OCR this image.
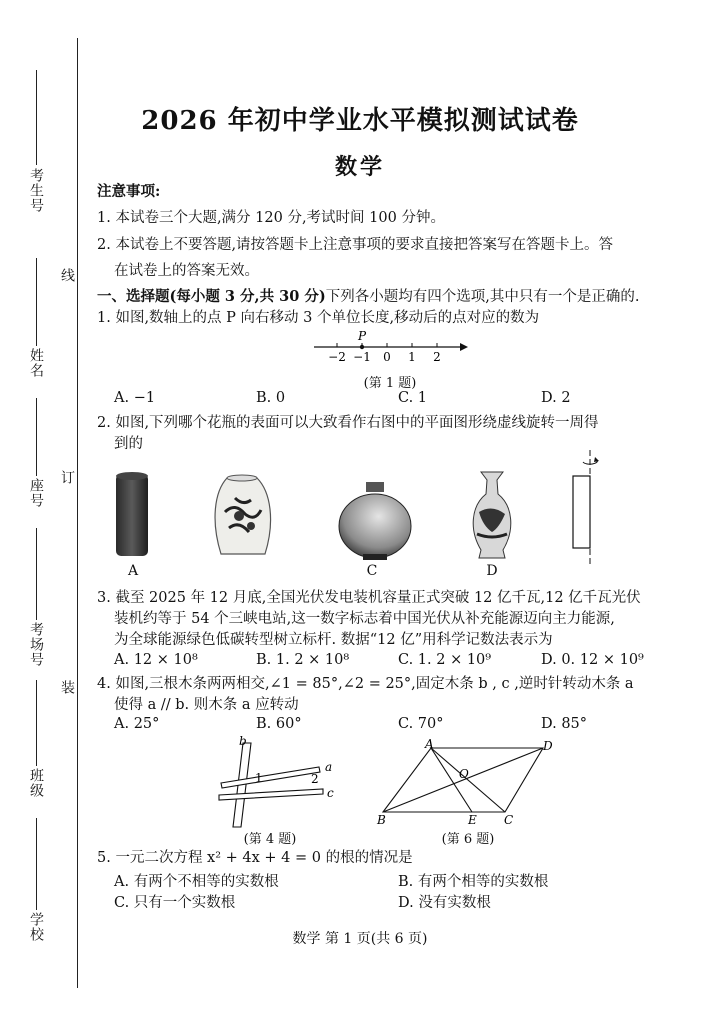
考生号
姓名
座号
考场号
班级
学校
线
订
装
2026 年初中学业水平模拟测试试卷
数学
注意事项:
1. 本试卷三个大题,满分 120 分,考试时间 100 分钟。
2. 本试卷上不要答题,请按答题卡上注意事项的要求直接把答案写在答题卡上。答
在试卷上的答案无效。
一、选择题(每小题 3 分,共 30 分)下列各小题均有四个选项,其中只有一个是正确的.
1. 如图,数轴上的点 P 向右移动 3 个单位长度,移动后的点对应的数为
−2 −1 0 1 2
P
(第 1 题)
A. −1	B. 0	C. 1	D. 2
2. 如图,下列哪个花瓶的表面可以大致看作右图中的平面图形绕虚线旋转一周得
到的
A	C	D
3. 截至 2025 年 12 月底,全国光伏发电装机容量正式突破 12 亿千瓦,12 亿千瓦光伏
装机约等于 54 个三峡电站,这一数字标志着中国光伏从补充能源迈向主力能源,
为全球能源绿色低碳转型树立标杆. 数据“12 亿”用科学记数法表示为
A. 12 × 10⁸	B. 1. 2 × 10⁸	C. 1. 2 × 10⁹	D. 0. 12 × 10⁹
4. 如图,三根木条两两相交,∠1 = 85°,∠2 = 25°,固定木条 b , c ,逆时针转动木条 a
使得 a // b. 则木条 a 应转动
A. 25°	B. 60°	C. 70°	D. 85°
b
1	2
a
c
(第 4 题)
A	D
O
B	E C
(第 6 题)
5. 一元二次方程 x² + 4x + 4 = 0 的根的情况是
A. 有两个不相等的实数根	B. 有两个相等的实数根
C. 只有一个实数根	D. 没有实数根
数学 第 1 页(共 6 页)
